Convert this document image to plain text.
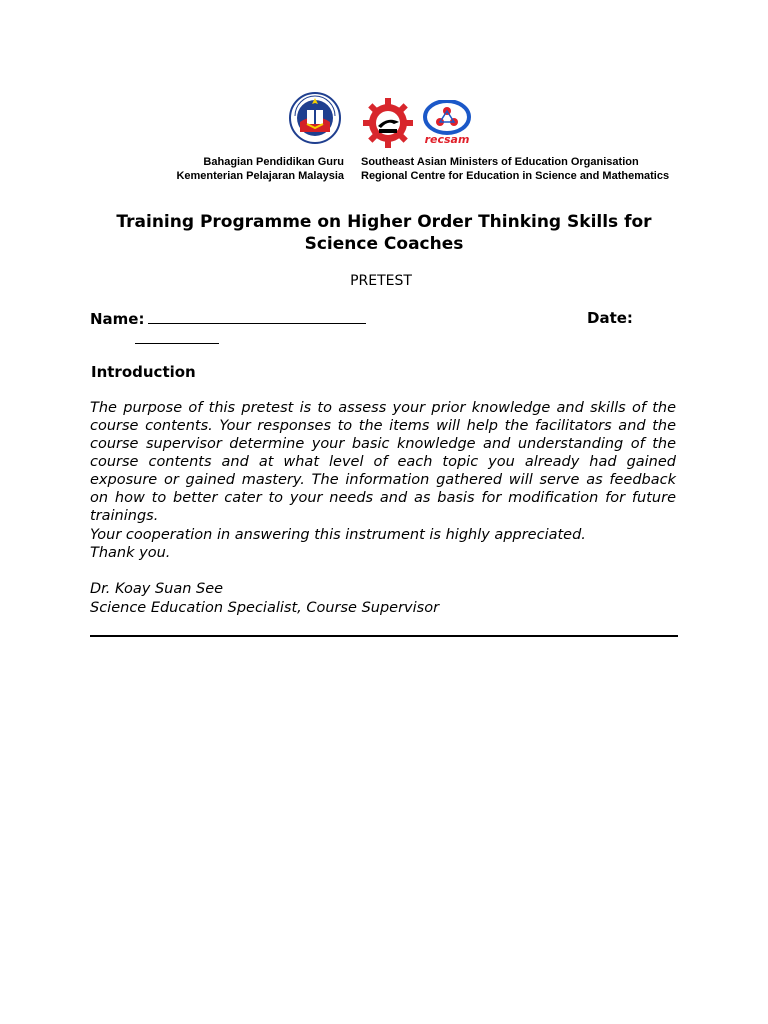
recsam
Bahagian Pendidikan Guru
Kementerian Pelajaran Malaysia
Southeast Asian Ministers of Education Organisation
Regional Centre for Education in Science and Mathematics
Training Programme on Higher Order Thinking Skills for
Science Coaches
PRETEST
Name:	Date:
Introduction

The purpose of this pretest is to assess your prior knowledge and skills of the course contents. Your responses to the items will help the facilitators and the course supervisor determine your basic knowledge and understanding of the course contents and at what level of each topic you already had gained exposure or gained mastery. The information gathered will serve as feedback on how to better cater to your needs and as basis for modification for future trainings.

Your cooperation in answering this instrument is highly appreciated.

Thank you.

Dr. Koay Suan See

Science Education Specialist, Course Supervisor
